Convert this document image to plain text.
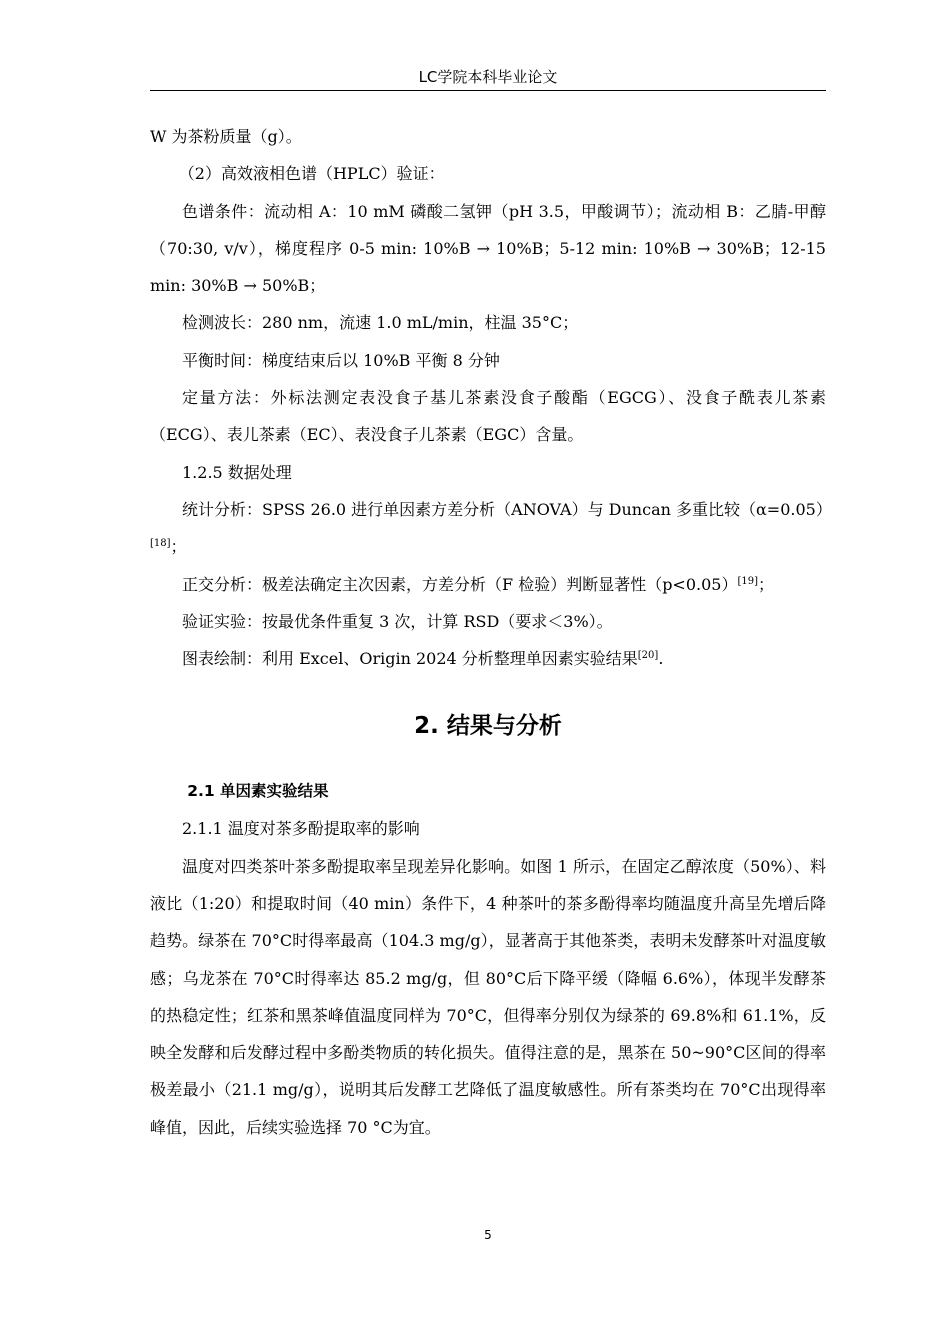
LC学院本科毕业论文

W 为茶粉质量（g）。

（2）高效液相色谱（HPLC）验证：

色谱条件：流动相 A：10 mM 磷酸二氢钾（pH 3.5，甲酸调节）；流动相 B：乙腈-甲醇（70:30, v/v），梯度程序 0-5 min: 10%B → 10%B；5-12 min: 10%B → 30%B；12-15 min: 30%B → 50%B；

检测波长：280 nm，流速 1.0 mL/min，柱温 35°C；

平衡时间：梯度结束后以 10%B 平衡 8 分钟

定量方法：外标法测定表没食子基儿茶素没食子酸酯（EGCG）、没食子酰表儿茶素（ECG）、表儿茶素（EC）、表没食子儿茶素（EGC）含量。

1.2.5 数据处理

统计分析：SPSS 26.0 进行单因素方差分析（ANOVA）与 Duncan 多重比较（α=0.05）[18]；

正交分析：极差法确定主次因素，方差分析（F 检验）判断显著性（p<0.05）[19]；

验证实验：按最优条件重复 3 次，计算 RSD（要求＜3%）。

图表绘制：利用 Excel、Origin 2024 分析整理单因素实验结果[20].

2. 结果与分析

2.1 单因素实验结果

2.1.1 温度对茶多酚提取率的影响

温度对四类茶叶茶多酚提取率呈现差异化影响。如图 1 所示，在固定乙醇浓度（50%）、料液比（1:20）和提取时间（40 min）条件下，4 种茶叶的茶多酚得率均随温度升高呈先增后降趋势。绿茶在 70°C时得率最高（104.3 mg/g），显著高于其他茶类，表明未发酵茶叶对温度敏感；乌龙茶在 70°C时得率达 85.2 mg/g，但 80°C后下降平缓（降幅 6.6%），体现半发酵茶的热稳定性；红茶和黑茶峰值温度同样为 70°C，但得率分别仅为绿茶的 69.8%和 61.1%，反映全发酵和后发酵过程中多酚类物质的转化损失。值得注意的是，黑茶在 50~90°C区间的得率极差最小（21.1 mg/g），说明其后发酵工艺降低了温度敏感性。所有茶类均在 70°C出现得率峰值，因此，后续实验选择 70 °C为宜。

5
